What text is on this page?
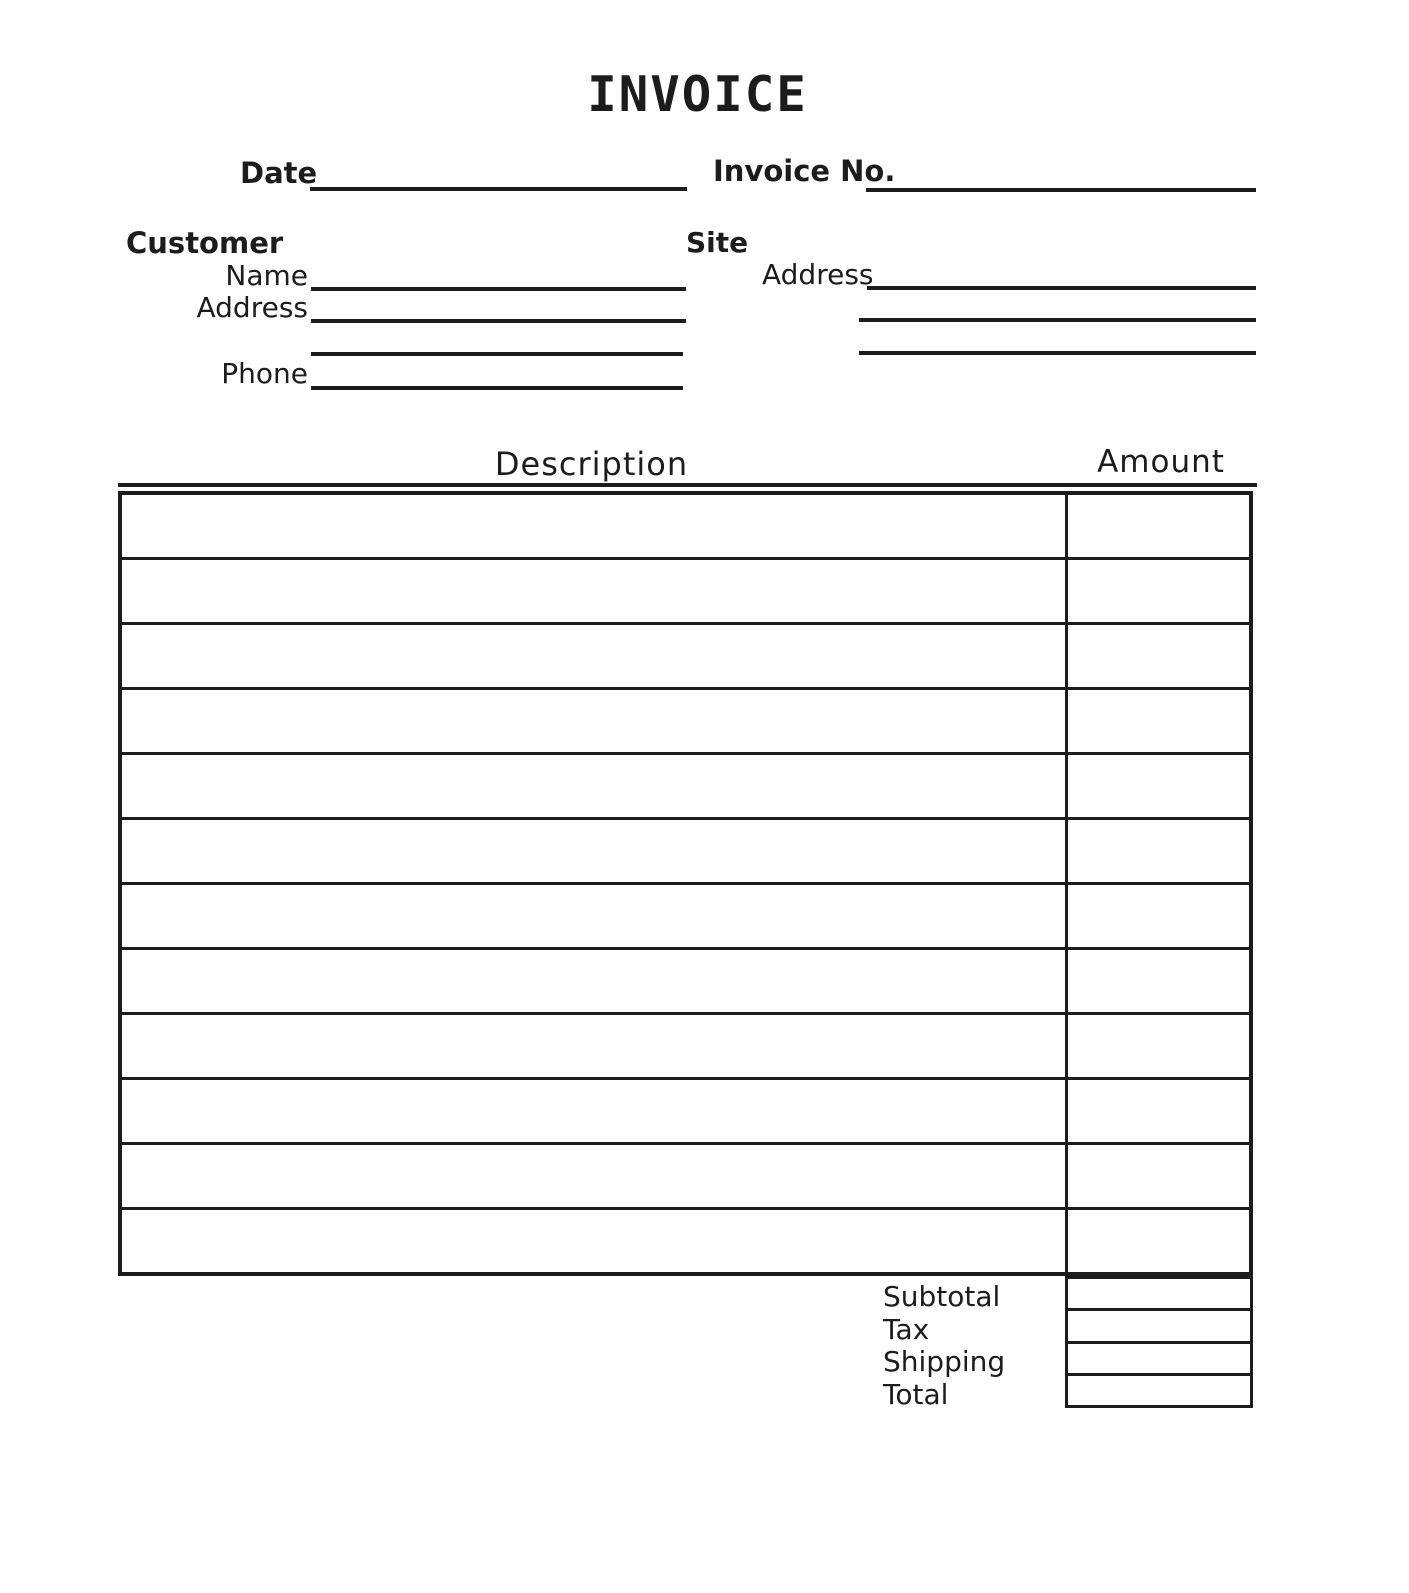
INVOICE
Date	Invoice No.
Customer
Name
Address
Phone
Site
Address
Description	Amount
Subtotal
Tax
Shipping
Total
